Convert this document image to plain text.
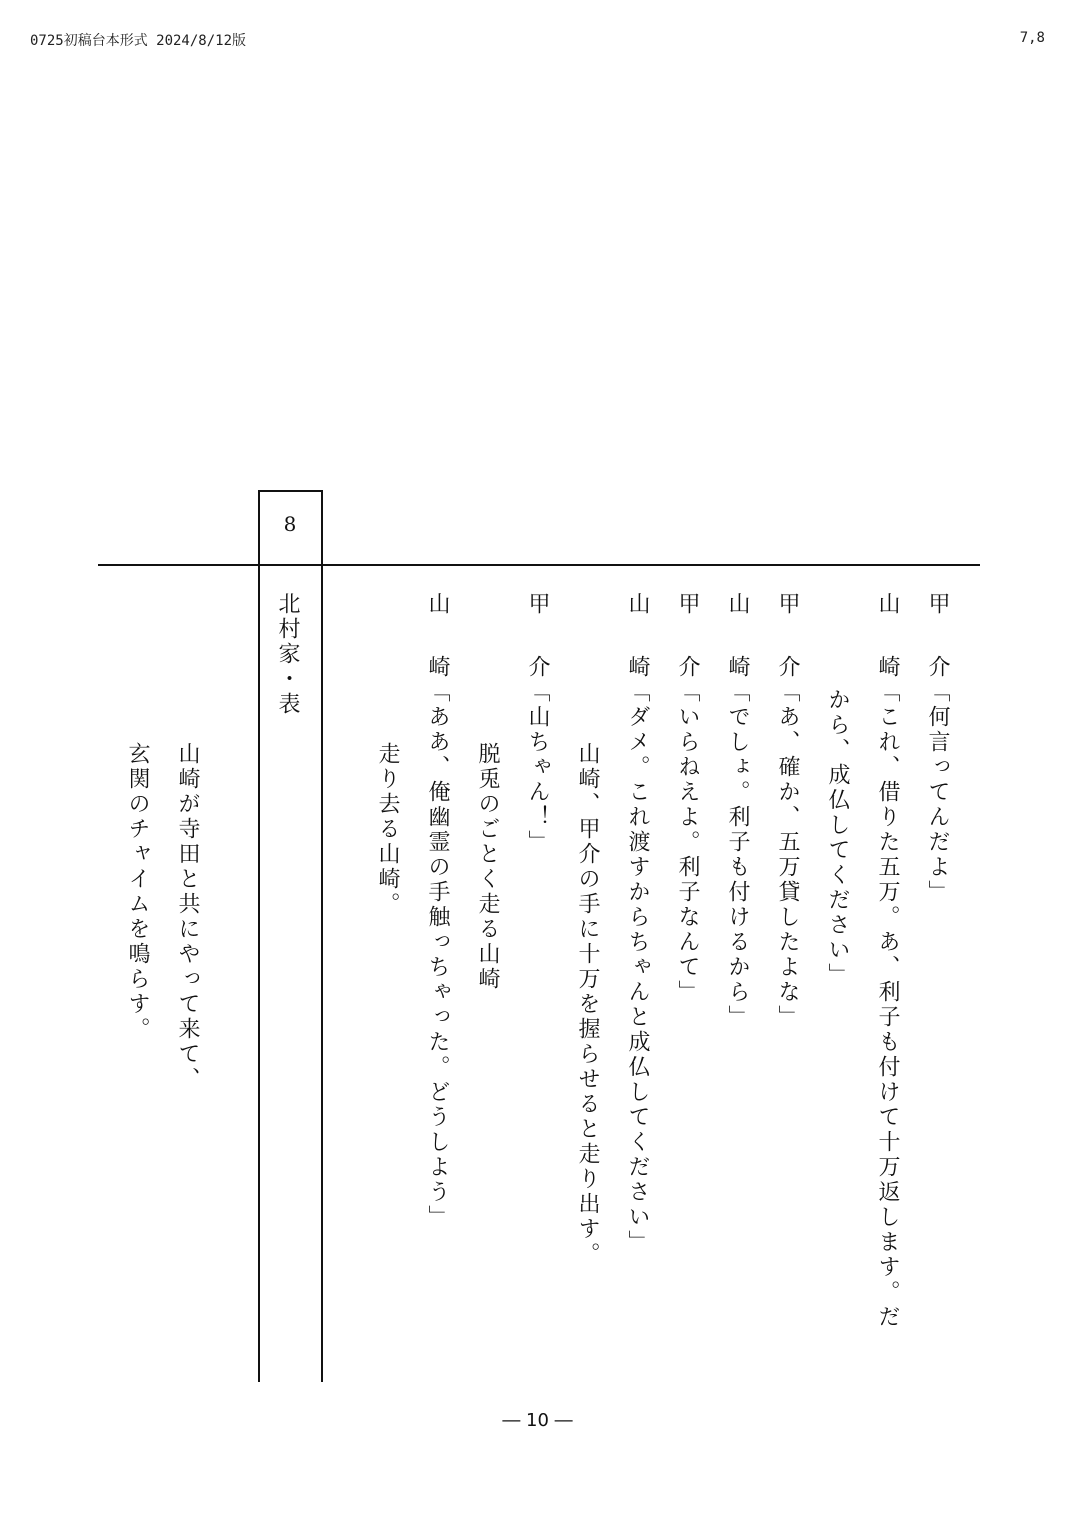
0725初稿台本形式 2024/8/12版	7,8
8
北村家・表	甲介「何言ってんだよ」
山崎「これ、借りた五万。あ、利子も付けて十万返します。だ
から、成仏してください」
甲介「あ、確か、五万貸したよな」
山崎「でしょ。利子も付けるから」
甲介「いらねえよ。利子なんて」
山崎「ダメ。これ渡すからちゃんと成仏してください」
山崎、甲介の手に十万を握らせると走り出す。
甲介「山ちゃん！」
脱兎のごとく走る山崎
山崎「ああ、俺幽霊の手触っちゃった。どうしよう」
走り去る山崎。
山崎が寺田と共にやって来て、
玄関のチャイムを鳴らす。
― 10 ―
